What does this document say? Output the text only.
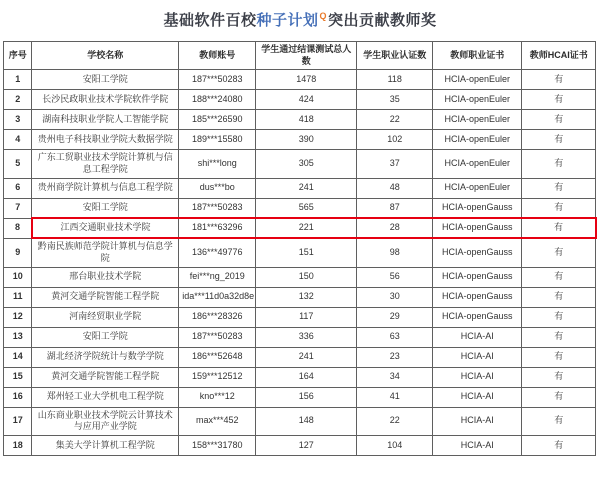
基础软件百校种子计划$^Q$突出贡献教师奖
序号	学校名称	教师账号	学生通过结课测试总人数	学生职业认证数	教师职业证书	教师HCAI证书
1	安阳工学院	187***50283	1478	118	HCIA-openEuler	有
2	长沙民政职业技术学院软件学院	188***24080	424	35	HCIA-openEuler	有
3	湖南科技职业学院人工智能学院	185***26590	418	22	HCIA-openEuler	有
4	贵州电子科技职业学院大数据学院	189***15580	390	102	HCIA-openEuler	有
5	广东工贸职业技术学院计算机与信息工程学院	shi***long	305	37	HCIA-openEuler	有
6	贵州商学院计算机与信息工程学院	dus***bo	241	48	HCIA-openEuler	有
7	安阳工学院	187***50283	565	87	HCIA-openGauss	有
8	江西交通职业技术学院	181***63296	221	28	HCIA-openGauss	有
9	黔南民族师范学院计算机与信息学院	136***49776	151	98	HCIA-openGauss	有
10	邢台职业技术学院	fei***ng_2019	150	56	HCIA-openGauss	有
11	黄河交通学院智能工程学院	ida***11d0a32d8e	132	30	HCIA-openGauss	有
12	河南经贸职业学院	186***28326	117	29	HCIA-openGauss	有
13	安阳工学院	187***50283	336	63	HCIA-AI	有
14	湖北经济学院统计与数学学院	186***52648	241	23	HCIA-AI	有
15	黄河交通学院智能工程学院	159***12512	164	34	HCIA-AI	有
16	郑州轻工业大学机电工程学院	kno***12	156	41	HCIA-AI	有
17	山东商业职业技术学院云计算技术与应用产业学院	max***452	148	22	HCIA-AI	有
18	集美大学计算机工程学院	158***31780	127	104	HCIA-AI	有
